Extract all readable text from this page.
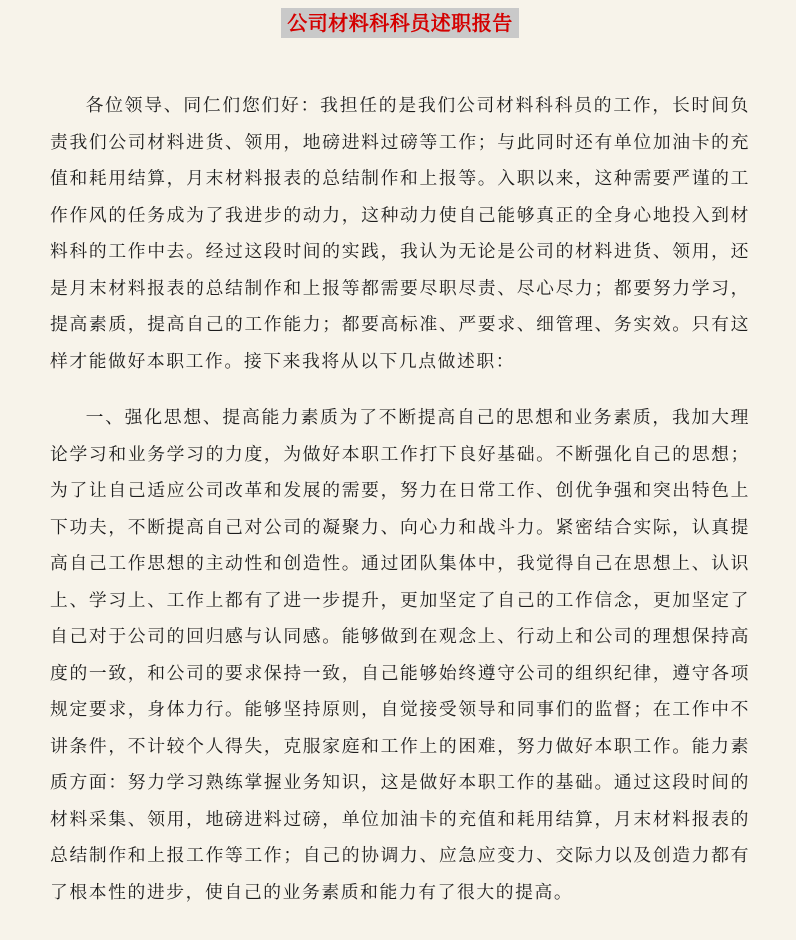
公司材料科科员述职报告

各位领导、同仁们您们好：我担任的是我们公司材料科科员的工作，长时间负责我们公司材料进货、领用，地磅进料过磅等工作；与此同时还有单位加油卡的充值和耗用结算，月末材料报表的总结制作和上报等。入职以来，这种需要严谨的工作作风的任务成为了我进步的动力，这种动力使自己能够真正的全身心地投入到材料科的工作中去。经过这段时间的实践，我认为无论是公司的材料进货、领用，还是月末材料报表的总结制作和上报等都需要尽职尽责、尽心尽力；都要努力学习，提高素质，提高自己的工作能力；都要高标准、严要求、细管理、务实效。只有这样才能做好本职工作。接下来我将从以下几点做述职：

一、强化思想、提高能力素质为了不断提高自己的思想和业务素质，我加大理论学习和业务学习的力度，为做好本职工作打下良好基础。不断强化自己的思想；为了让自己适应公司改革和发展的需要，努力在日常工作、创优争强和突出特色上下功夫，不断提高自己对公司的凝聚力、向心力和战斗力。紧密结合实际，认真提高自己工作思想的主动性和创造性。通过团队集体中，我觉得自己在思想上、认识上、学习上、工作上都有了进一步提升，更加坚定了自己的工作信念，更加坚定了自己对于公司的回归感与认同感。能够做到在观念上、行动上和公司的理想保持高度的一致，和公司的要求保持一致，自己能够始终遵守公司的组织纪律，遵守各项规定要求，身体力行。能够坚持原则，自觉接受领导和同事们的监督；在工作中不讲条件，不计较个人得失，克服家庭和工作上的困难，努力做好本职工作。能力素质方面：努力学习熟练掌握业务知识，这是做好本职工作的基础。通过这段时间的材料采集、领用，地磅进料过磅，单位加油卡的充值和耗用结算，月末材料报表的总结制作和上报工作等工作；自己的协调力、应急应变力、交际力以及创造力都有了根本性的进步，使自己的业务素质和能力有了很大的提高。
